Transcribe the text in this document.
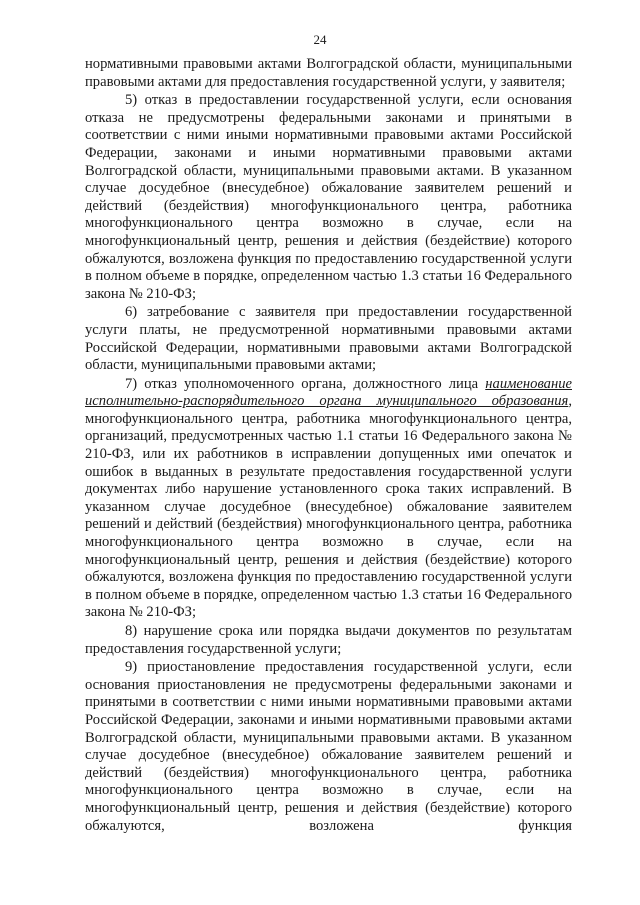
24

нормативными правовыми актами Волгоградской области, муниципальными правовыми актами для предоставления государственной услуги, у заявителя;

5) отказ в предоставлении государственной услуги, если основания отказа не предусмотрены федеральными законами и принятыми в соответствии с ними иными нормативными правовыми актами Российской Федерации, законами и иными нормативными правовыми актами Волгоградской области, муниципальными правовыми актами. В указанном случае досудебное (внесудебное) обжалование заявителем решений и действий (бездействия) многофункционального центра, работника многофункционального центра возможно в случае, если на многофункциональный центр, решения и действия (бездействие) которого обжалуются, возложена функция по предоставлению государственной услуги в полном объеме в порядке, определенном частью 1.3 статьи 16 Федерального закона № 210-ФЗ;

6) затребование с заявителя при предоставлении государственной услуги платы, не предусмотренной нормативными правовыми актами Российской Федерации, нормативными правовыми актами Волгоградской области, муниципальными правовыми актами;

7) отказ уполномоченного органа, должностного лица наименование исполнительно-распорядительного органа муниципального образования, многофункционального центра, работника многофункционального центра, организаций, предусмотренных частью 1.1 статьи 16 Федерального закона № 210-ФЗ, или их работников в исправлении допущенных ими опечаток и ошибок в выданных в результате предоставления государственной услуги документах либо нарушение установленного срока таких исправлений. В указанном случае досудебное (внесудебное) обжалование заявителем решений и действий (бездействия) многофункционального центра, работника многофункционального центра возможно в случае, если на многофункциональный центр, решения и действия (бездействие) которого обжалуются, возложена функция по предоставлению государственной услуги в полном объеме в порядке, определенном частью 1.3 статьи 16 Федерального закона № 210-ФЗ;

8) нарушение срока или порядка выдачи документов по результатам предоставления государственной услуги;

9) приостановление предоставления государственной услуги, если основания приостановления не предусмотрены федеральными законами и принятыми в соответствии с ними иными нормативными правовыми актами Российской Федерации, законами и иными нормативными правовыми актами Волгоградской области, муниципальными правовыми актами. В указанном случае досудебное (внесудебное) обжалование заявителем решений и действий (бездействия) многофункционального центра, работника многофункционального центра возможно в случае, если на многофункциональный центр, решения и действия (бездействие) которого обжалуются, возложена функция
